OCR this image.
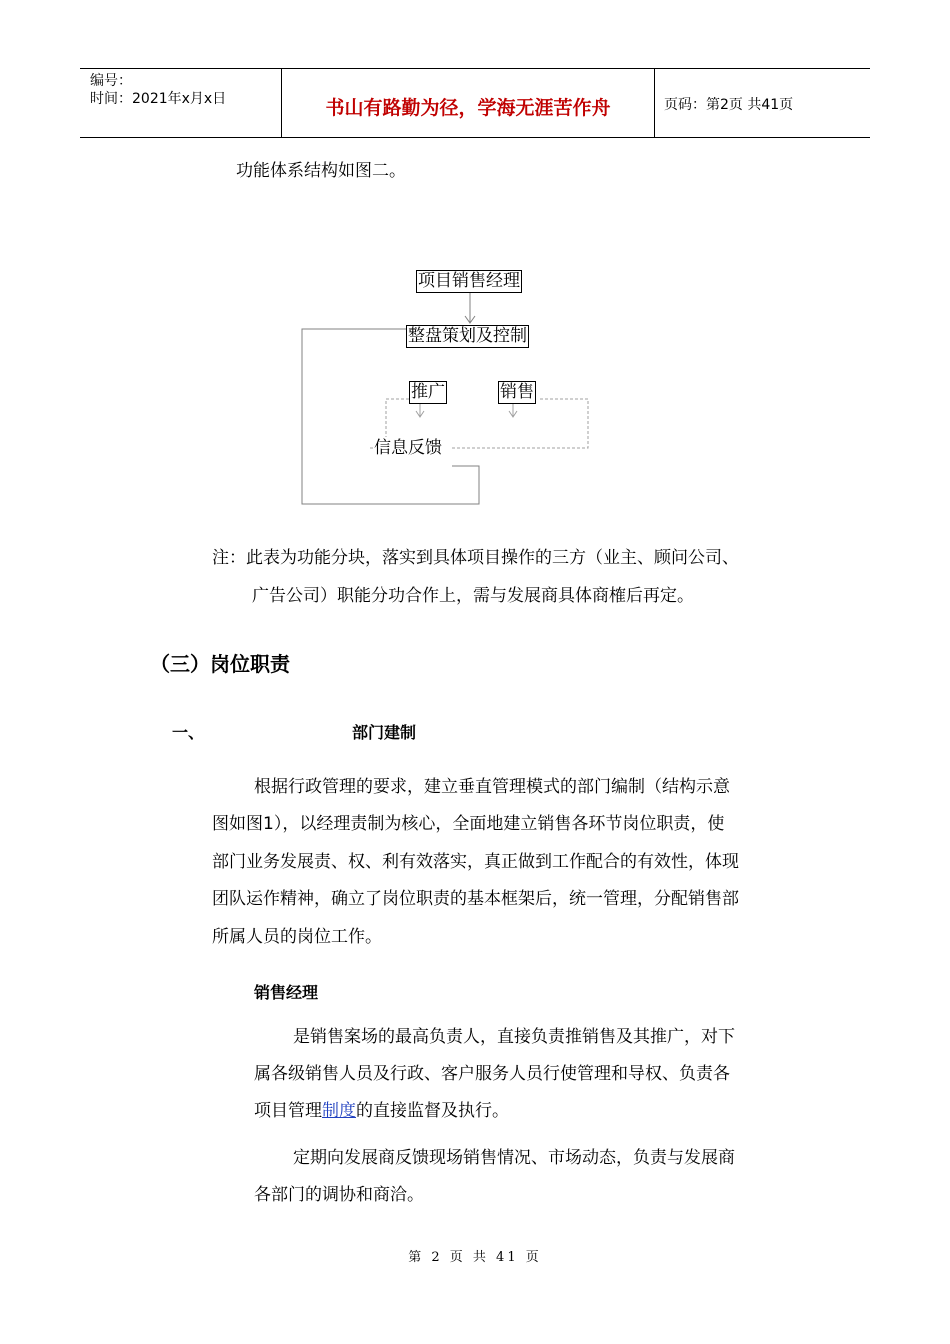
编号：
时间：2021年x月x日	书山有路勤为径，学海无涯苦作舟	页码：第2页 共41页
功能体系结构如图二。
项目销售经理
整盘策划及控制
推广	销售
信息反馈
注：此表为功能分块，落实到具体项目操作的三方（业主、顾问公司、
广告公司）职能分功合作上，需与发展商具体商榷后再定。
（三）岗位职责
一、	部门建制
根据行政管理的要求，建立垂直管理模式的部门编制（结构示意
图如图1），以经理责制为核心，全面地建立销售各环节岗位职责，使
部门业务发展责、权、利有效落实，真正做到工作配合的有效性，体现
团队运作精神，确立了岗位职责的基本框架后，统一管理，分配销售部
所属人员的岗位工作。
销售经理
是销售案场的最高负责人，直接负责推销售及其推广，对下
属各级销售人员及行政、客户服务人员行使管理和导权、负责各
项目管理制度的直接监督及执行。
定期向发展商反馈现场销售情况、市场动态，负责与发展商
各部门的调协和商洽。
第 2 页 共 41 页
